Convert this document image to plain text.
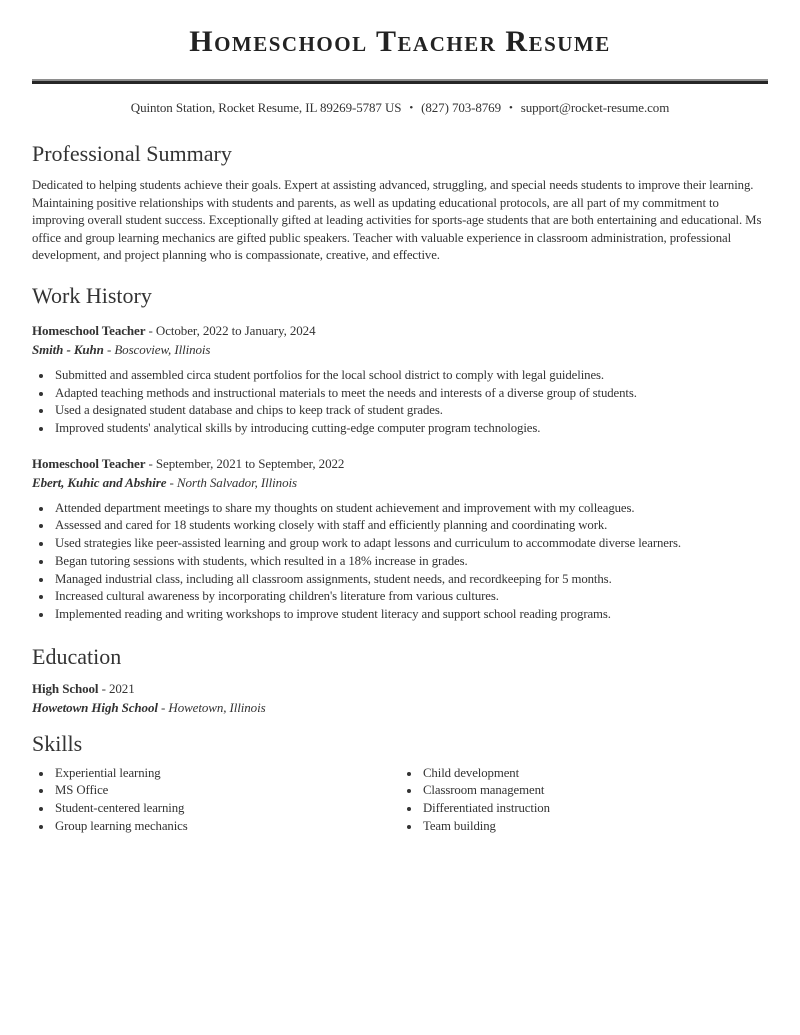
Homeschool Teacher Resume
Quinton Station, Rocket Resume, IL 89269-5787 US • (827) 703-8769 • support@rocket-resume.com
Professional Summary

Dedicated to helping students achieve their goals. Expert at assisting advanced, struggling, and special needs students to improve their learning. Maintaining positive relationships with students and parents, as well as updating educational protocols, are all part of my commitment to improving overall student success. Exceptionally gifted at leading activities for sports-age students that are both entertaining and educational. Ms office and group learning mechanics are gifted public speakers. Teacher with valuable experience in classroom administration, professional development, and project planning who is compassionate, creative, and effective.

Work History
Homeschool Teacher - October, 2022 to January, 2024
Smith - Kuhn - Boscoview, Illinois
• Submitted and assembled circa student portfolios for the local school district to comply with legal guidelines.
• Adapted teaching methods and instructional materials to meet the needs and interests of a diverse group of students.
• Used a designated student database and chips to keep track of student grades.
• Improved students' analytical skills by introducing cutting-edge computer program technologies.
Homeschool Teacher - September, 2021 to September, 2022
Ebert, Kuhic and Abshire - North Salvador, Illinois
• Attended department meetings to share my thoughts on student achievement and improvement with my colleagues.
• Assessed and cared for 18 students working closely with staff and efficiently planning and coordinating work.
• Used strategies like peer-assisted learning and group work to adapt lessons and curriculum to accommodate diverse learners.
• Began tutoring sessions with students, which resulted in a 18% increase in grades.
• Managed industrial class, including all classroom assignments, student needs, and recordkeeping for 5 months.
• Increased cultural awareness by incorporating children's literature from various cultures.
• Implemented reading and writing workshops to improve student literacy and support school reading programs.
Education
High School - 2021
Howetown High School - Howetown, Illinois
Skills
• Experiential learning
• MS Office
• Student-centered learning
• Group learning mechanics
• Child development
• Classroom management
• Differentiated instruction
• Team building
